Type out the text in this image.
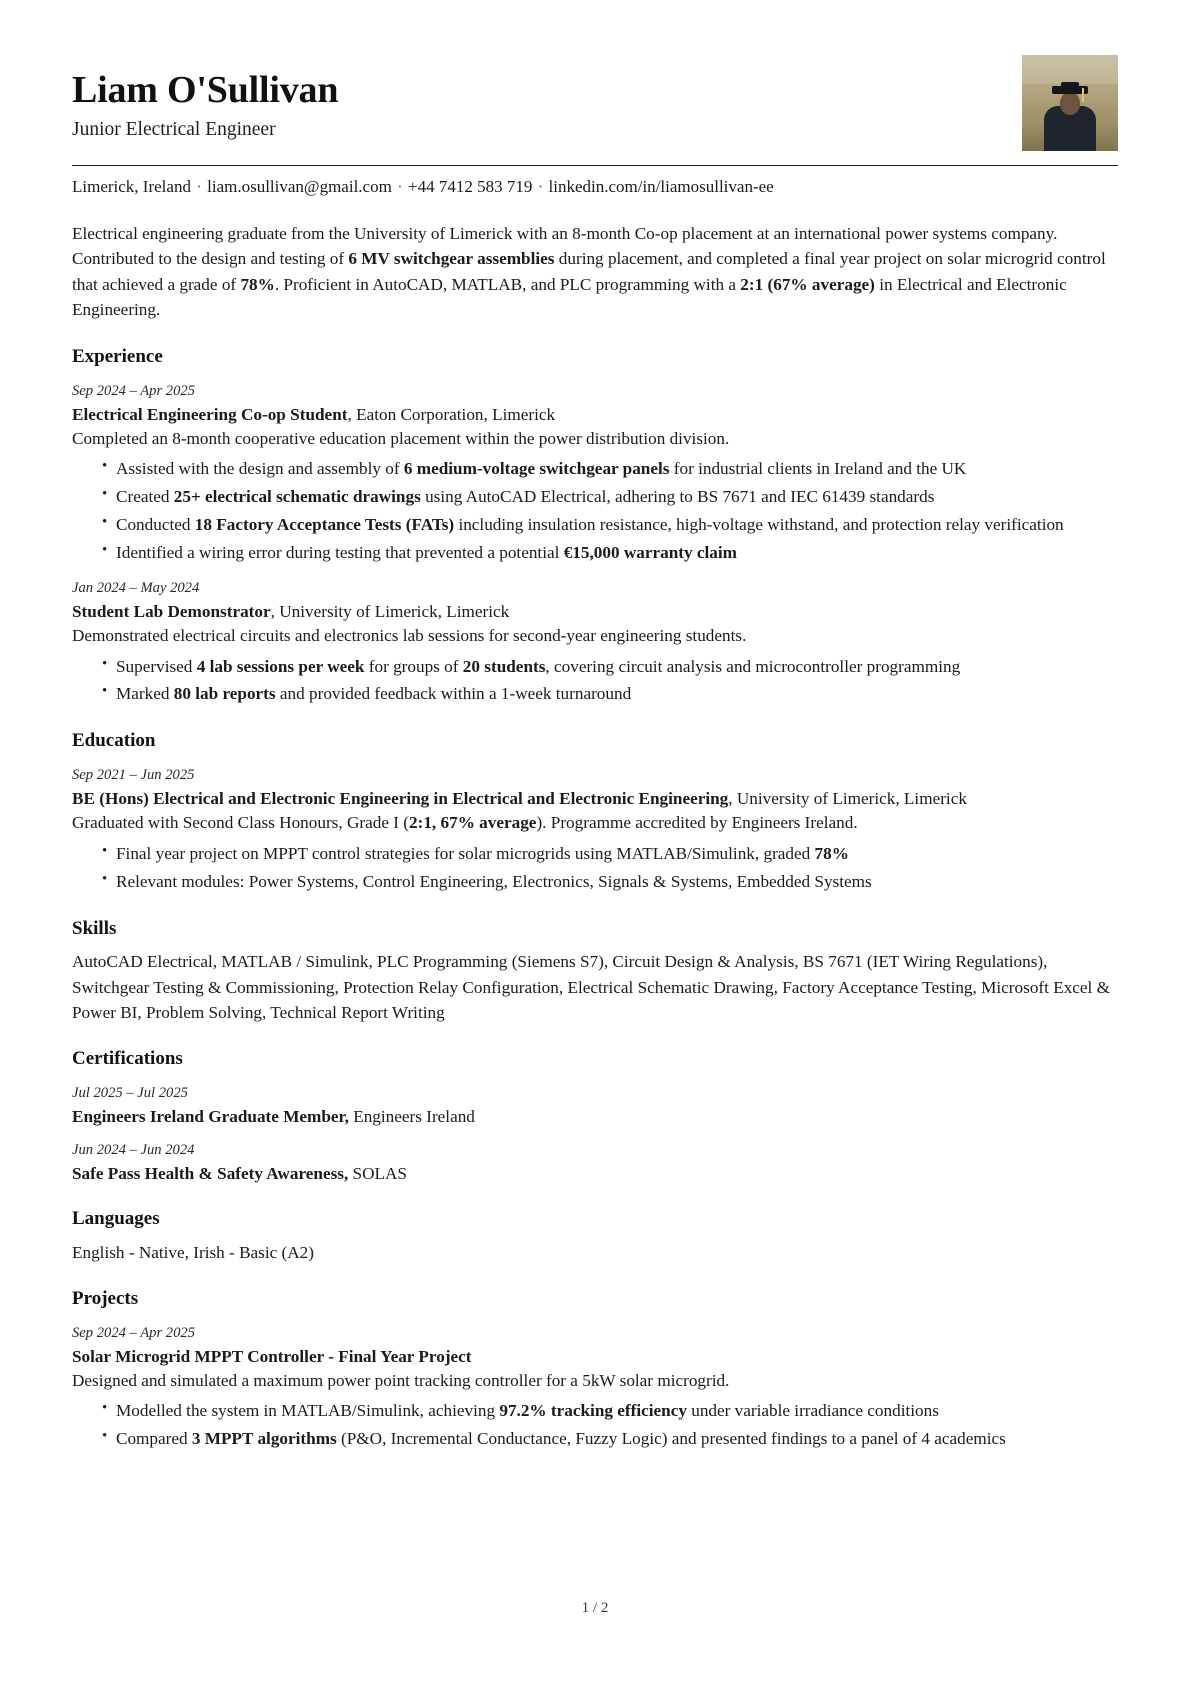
Liam O'Sullivan
Junior Electrical Engineer
Limerick, Ireland · liam.osullivan@gmail.com · +44 7412 583 719 · linkedin.com/in/liamosullivan-ee
Electrical engineering graduate from the University of Limerick with an 8-month Co-op placement at an international power systems company. Contributed to the design and testing of 6 MV switchgear assemblies during placement, and completed a final year project on solar microgrid control that achieved a grade of 78%. Proficient in AutoCAD, MATLAB, and PLC programming with a 2:1 (67% average) in Electrical and Electronic Engineering.
Experience
Sep 2024 – Apr 2025
Electrical Engineering Co-op Student, Eaton Corporation, Limerick
Completed an 8-month cooperative education placement within the power distribution division.
• Assisted with the design and assembly of 6 medium-voltage switchgear panels for industrial clients in Ireland and the UK
• Created 25+ electrical schematic drawings using AutoCAD Electrical, adhering to BS 7671 and IEC 61439 standards
• Conducted 18 Factory Acceptance Tests (FATs) including insulation resistance, high-voltage withstand, and protection relay verification
• Identified a wiring error during testing that prevented a potential €15,000 warranty claim
Jan 2024 – May 2024
Student Lab Demonstrator, University of Limerick, Limerick
Demonstrated electrical circuits and electronics lab sessions for second-year engineering students.
• Supervised 4 lab sessions per week for groups of 20 students, covering circuit analysis and microcontroller programming
• Marked 80 lab reports and provided feedback within a 1-week turnaround
Education
Sep 2021 – Jun 2025
BE (Hons) Electrical and Electronic Engineering in Electrical and Electronic Engineering, University of Limerick, Limerick
Graduated with Second Class Honours, Grade I (2:1, 67% average). Programme accredited by Engineers Ireland.
• Final year project on MPPT control strategies for solar microgrids using MATLAB/Simulink, graded 78%
• Relevant modules: Power Systems, Control Engineering, Electronics, Signals & Systems, Embedded Systems
Skills
AutoCAD Electrical, MATLAB / Simulink, PLC Programming (Siemens S7), Circuit Design & Analysis, BS 7671 (IET Wiring Regulations), Switchgear Testing & Commissioning, Protection Relay Configuration, Electrical Schematic Drawing, Factory Acceptance Testing, Microsoft Excel & Power BI, Problem Solving, Technical Report Writing
Certifications
Jul 2025 – Jul 2025
Engineers Ireland Graduate Member, Engineers Ireland
Jun 2024 – Jun 2024
Safe Pass Health & Safety Awareness, SOLAS
Languages
English - Native, Irish - Basic (A2)
Projects
Sep 2024 – Apr 2025
Solar Microgrid MPPT Controller - Final Year Project
Designed and simulated a maximum power point tracking controller for a 5kW solar microgrid.
• Modelled the system in MATLAB/Simulink, achieving 97.2% tracking efficiency under variable irradiance conditions
• Compared 3 MPPT algorithms (P&O, Incremental Conductance, Fuzzy Logic) and presented findings to a panel of 4 academics
1 / 2
